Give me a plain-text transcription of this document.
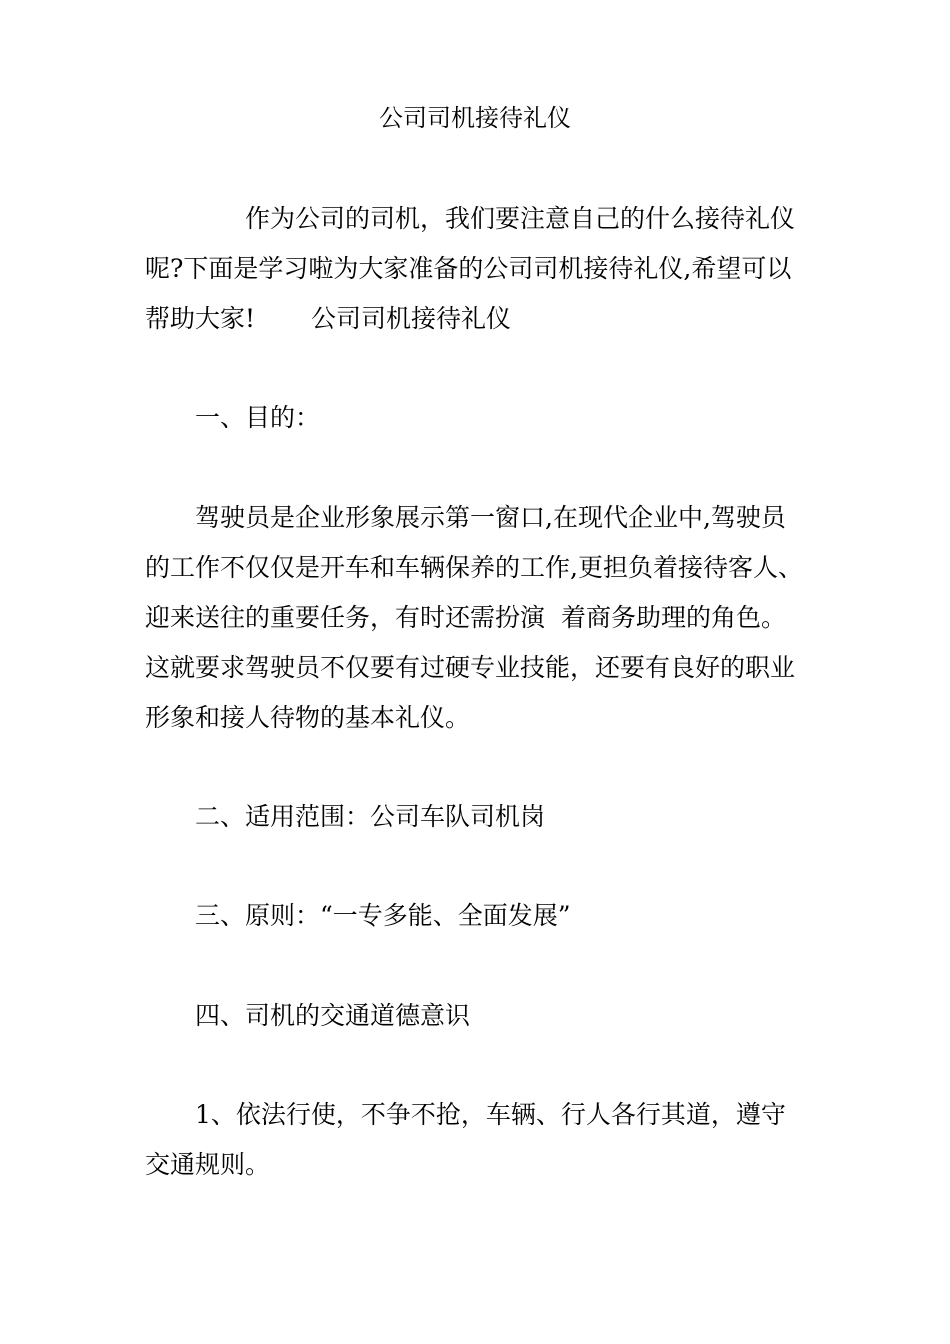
公司司机接待礼仪
作为公司的司机，我们要注意自己的什么接待礼仪
呢?下面是学习啦为大家准备的公司司机接待礼仪,希望可以
帮助大家! 公司司机接待礼仪
一、目的：
驾驶员是企业形象展示第一窗口,在现代企业中,驾驶员
的工作不仅仅是开车和车辆保养的工作,更担负着接待客人、
迎来送往的重要任务，有时还需扮演 着商务助理的角色。
这就要求驾驶员不仅要有过硬专业技能，还要有良好的职业
形象和接人待物的基本礼仪。
二、适用范围：公司车队司机岗
三、原则：“一专多能、全面发展”
四、司机的交通道德意识
1、依法行使，不争不抢，车辆、行人各行其道，遵守
交通规则。
